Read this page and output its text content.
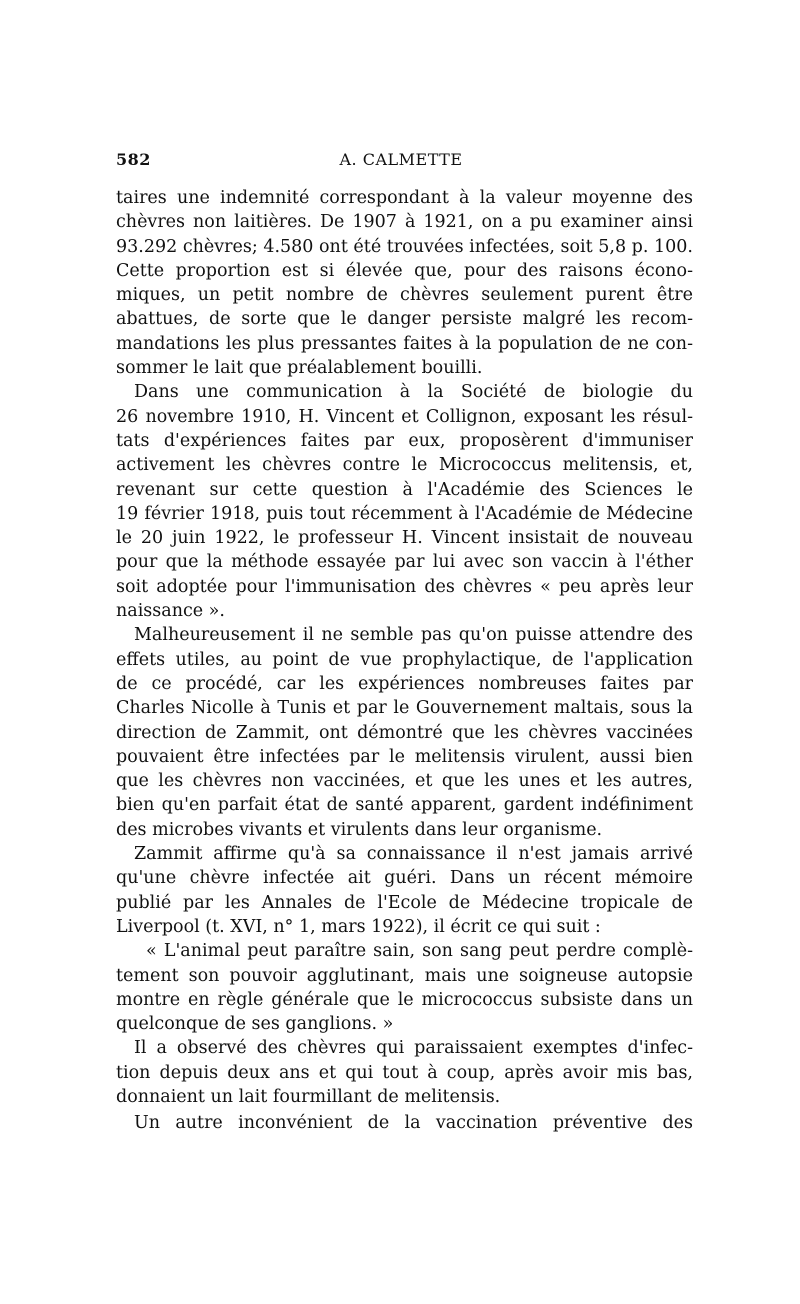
582	A. CALMETTE
taires une indemnité correspondant à la valeur moyenne des
chèvres non laitières. De 1907 à 1921, on a pu examiner ainsi
93.292 chèvres; 4.580 ont été trouvées infectées, soit 5,8 p. 100.
Cette proportion est si élevée que, pour des raisons écono-
miques, un petit nombre de chèvres seulement purent être
abattues, de sorte que le danger persiste malgré les recom-
mandations les plus pressantes faites à la population de ne con-
sommer le lait que préalablement bouilli.
Dans une communication à la Société de biologie du
26 novembre 1910, H. Vincent et Collignon, exposant les résul-
tats d'expériences faites par eux, proposèrent d'immuniser
activement les chèvres contre le Micrococcus melitensis, et,
revenant sur cette question à l'Académie des Sciences le
19 février 1918, puis tout récemment à l'Académie de Médecine
le 20 juin 1922, le professeur H. Vincent insistait de nouveau
pour que la méthode essayée par lui avec son vaccin à l'éther
soit adoptée pour l'immunisation des chèvres « peu après leur
naissance ».
Malheureusement il ne semble pas qu'on puisse attendre des
effets utiles, au point de vue prophylactique, de l'application
de ce procédé, car les expériences nombreuses faites par
Charles Nicolle à Tunis et par le Gouvernement maltais, sous la
direction de Zammit, ont démontré que les chèvres vaccinées
pouvaient être infectées par le melitensis virulent, aussi bien
que les chèvres non vaccinées, et que les unes et les autres,
bien qu'en parfait état de santé apparent, gardent indéfiniment
des microbes vivants et virulents dans leur organisme.
Zammit affirme qu'à sa connaissance il n'est jamais arrivé
qu'une chèvre infectée ait guéri. Dans un récent mémoire
publié par les Annales de l'Ecole de Médecine tropicale de
Liverpool (t. XVI, n° 1, mars 1922), il écrit ce qui suit :
« L'animal peut paraître sain, son sang peut perdre complè-
tement son pouvoir agglutinant, mais une soigneuse autopsie
montre en règle générale que le micrococcus subsiste dans un
quelconque de ses ganglions. »
Il a observé des chèvres qui paraissaient exemptes d'infec-
tion depuis deux ans et qui tout à coup, après avoir mis bas,
donnaient un lait fourmillant de melitensis.
Un autre inconvénient de la vaccination préventive des
